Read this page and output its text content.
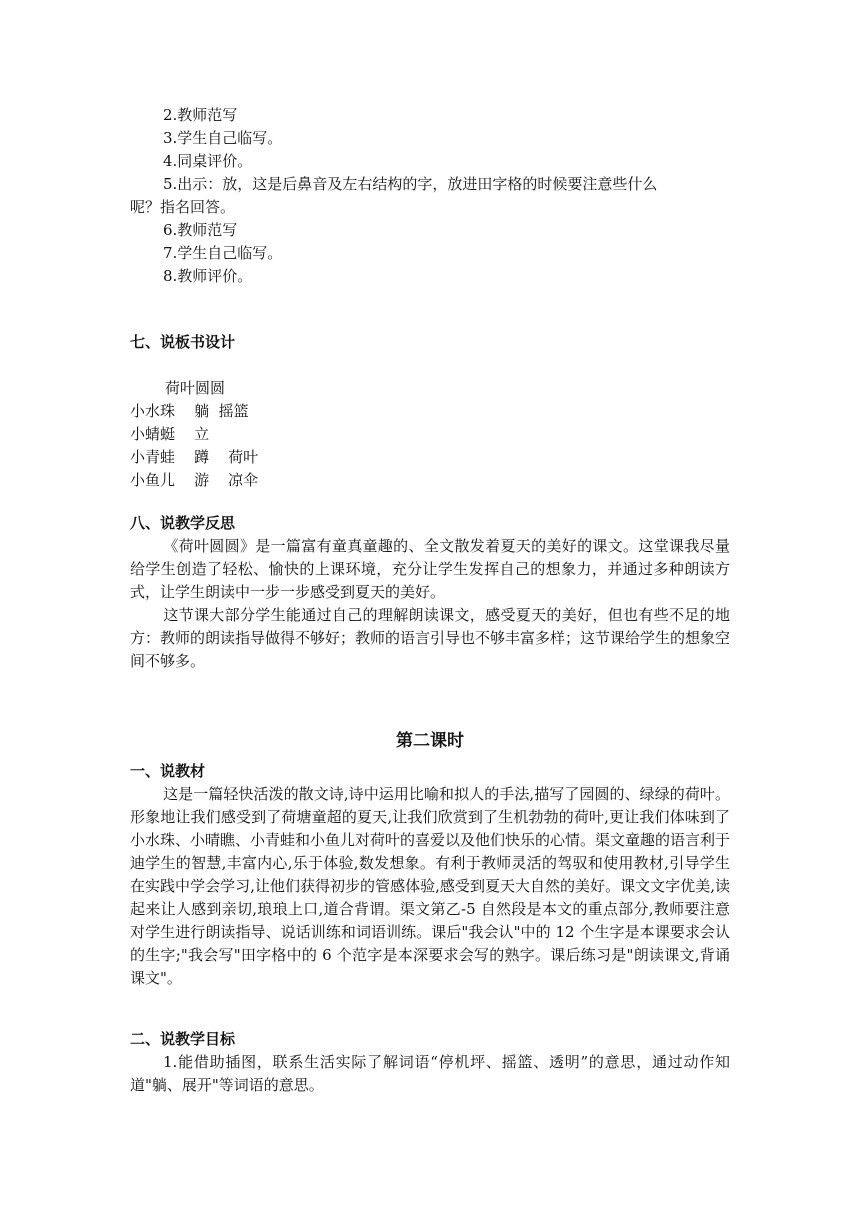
2.教师范写
3.学生自己临写。
4.同桌评价。
5.出示：放，这是后鼻音及左右结构的字，放进田字格的时候要注意些什么
呢？指名回答。
6.教师范写
7.学生自己临写。
8.教师评价。
七、说板书设计
荷叶圆圆
小水珠    躺  摇篮
小蜻蜓    立
小青蛙    蹲    荷叶
小鱼儿    游    凉伞
八、说教学反思
《荷叶圆圆》是一篇富有童真童趣的、全文散发着夏天的美好的课文。这堂课我尽量给学生创造了轻松、愉快的上课环境，充分让学生发挥自己的想象力，并通过多种朗读方式，让学生朗读中一步一步感受到夏天的美好。
这节课大部分学生能通过自己的理解朗读课文，感受夏天的美好，但也有些不足的地方：教师的朗读指导做得不够好；教师的语言引导也不够丰富多样；这节课给学生的想象空间不够多。
第二课时
一、说教材
这是一篇轻快活泼的散文诗,诗中运用比喻和拟人的手法,描写了园圆的、绿绿的荷叶。形象地让我们感受到了荷塘童超的夏天,让我们欣赏到了生机勃勃的荷叶,更让我们体味到了小水珠、小晴瞧、小青蛙和小鱼儿对荷叶的喜爱以及他们快乐的心情。渠文童趣的语言利于迪学生的智慧,丰富内心,乐于体验,数发想象。有利于教师灵活的驾驭和使用教材,引导学生在实践中学会学习,让他们获得初步的管感体验,感受到夏天大自然的美好。课文文字优美,读起来让人感到亲切,琅琅上口,道合背谓。渠文第乙-5 自然段是本文的重点部分,教师要注意对学生进行朗读指导、说话训练和词语训练。课后"我会认"中的 12 个生字是本课要求会认的生字;"我会写"田字格中的 6 个范字是本深要求会写的熟字。课后练习是"朗读课文,背诵课文"。
二、说教学目标
1.能借助插图，联系生活实际了解词语“停机坪、摇篮、透明”的意思，通过动作知道"躺、展开"等词语的意思。
